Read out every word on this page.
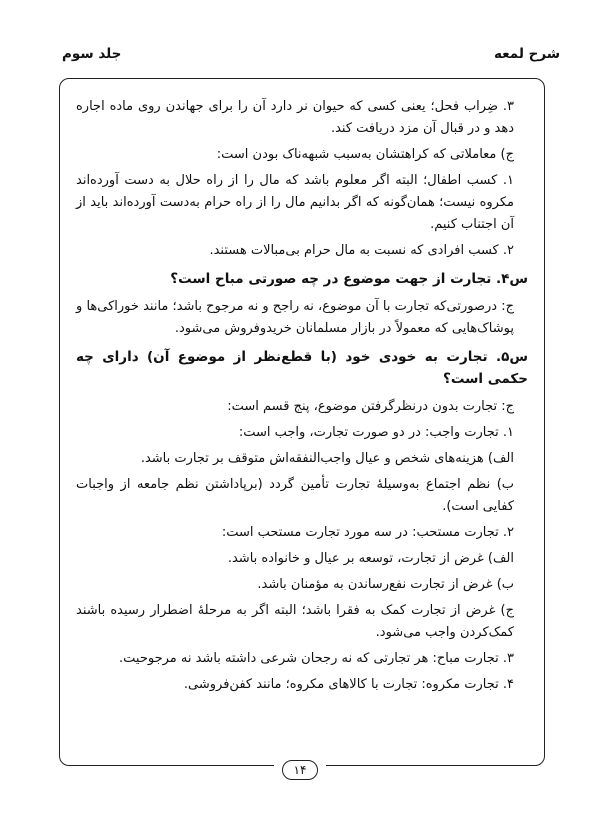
شرح لمعه
جلد سوم

۳. ضِراب فحل؛ یعنی کسی که حیوان نر دارد آن را برای جهاندن روی ماده اجاره دهد و در قبال آن مزد دریافت کند.

ج) معاملاتی که کراهتشان به‌سبب شبهه‌ناک بودن است:

۱. کسب اطفال؛ البته اگر معلوم باشد که مال را از راه حلال به دست آورده‌اند مکروه نیست؛ همان‌گونه که اگر بدانیم مال را از راه حرام به‌دست آورده‌اند باید از آن اجتناب کنیم.

۲. کسب افرادی که نسبت به مال حرام بی‌مبالات هستند.

س۴. تجارت از جهت موضوع در چه صورتی مباح است؟

ج: درصورتی‌که تجارت با آن موضوع، نه راجح و نه مرجوح باشد؛ مانند خوراکی‌ها و پوشاک‌هایی که معمولاً در بازار مسلمانان خریدوفروش می‌شود.

س۵. تجارت به خودی خود (با قطع‌نظر از موضوع آن) دارای چه حکمی است؟

ج: تجارت بدون درنظرگرفتن موضوع، پنج قسم است:

۱. تجارت واجب: در دو صورت تجارت، واجب است:

الف) هزینه‌های شخص و عیال واجب‌النفقه‌اش متوقف بر تجارت باشد.

ب) نظم اجتماع به‌وسیلهٔ تجارت تأمین گردد (برپاداشتن نظم جامعه از واجبات کفایی است).

۲. تجارت مستحب: در سه مورد تجارت مستحب است:

الف) غرض از تجارت، توسعه بر عیال و خانواده باشد.

ب) غرض از تجارت نفع‌رساندن به مؤمنان باشد.

ج) غرض از تجارت کمک به فقرا باشد؛ البته اگر به مرحلهٔ اضطرار رسیده باشند کمک‌کردن واجب می‌شود.

۳. تجارت مباح: هر تجارتی که نه رجحان شرعی داشته باشد نه مرجوحیت.

۴. تجارت مکروه: تجارت با کالاهای مکروه؛ مانند کفن‌فروشی.

۱۴
